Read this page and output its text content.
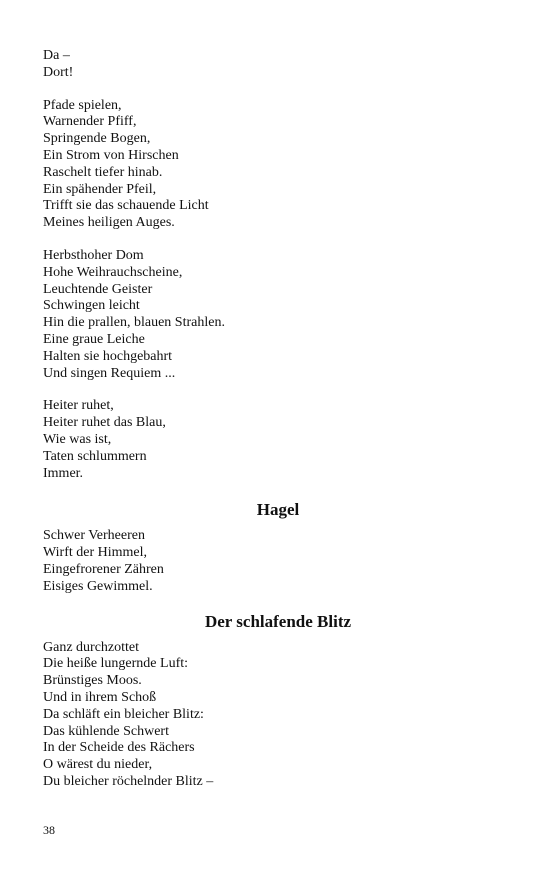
Da –
Dort!
Pfade spielen,
Warnender Pfiff,
Springende Bogen,
Ein Strom von Hirschen
Raschelt tiefer hinab.
Ein spähender Pfeil,
Trifft sie das schauende Licht
Meines heiligen Auges.
Herbsthoher Dom
Hohe Weihrauchscheine,
Leuchtende Geister
Schwingen leicht
Hin die prallen, blauen Strahlen.
Eine graue Leiche
Halten sie hochgebahrt
Und singen Requiem ...
Heiter ruhet,
Heiter ruhet das Blau,
Wie was ist,
Taten schlummern
Immer.
Hagel
Schwer Verheeren
Wirft der Himmel,
Eingefrorener Zähren
Eisiges Gewimmel.
Der schlafende Blitz
Ganz durchzottet
Die heiße lungernde Luft:
Brünstiges Moos.
Und in ihrem Schoß
Da schläft ein bleicher Blitz:
Das kühlende Schwert
In der Scheide des Rächers
O wärest du nieder,
Du bleicher röchelnder Blitz –
38
